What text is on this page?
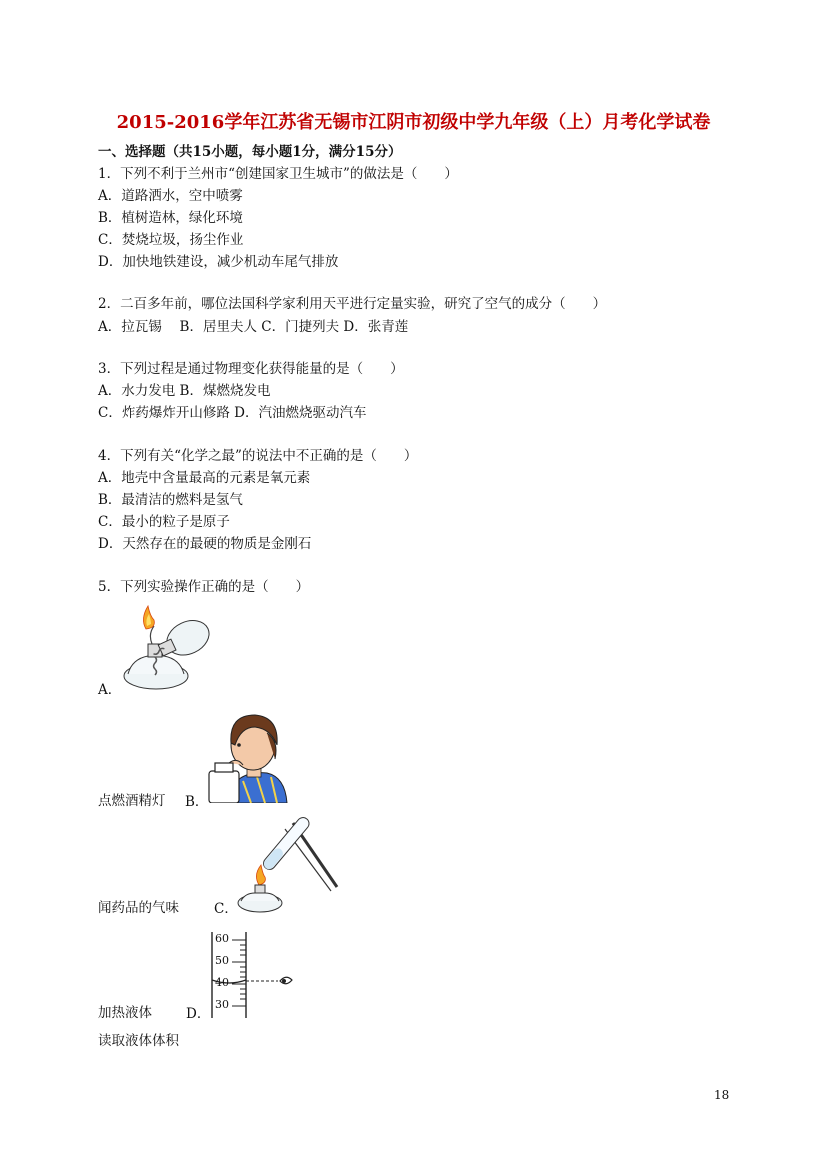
2015-2016学年江苏省无锡市江阴市初级中学九年级（上）月考化学试卷
一、选择题（共15小题，每小题1分，满分15分）
1．下列不利于兰州市“创建国家卫生城市”的做法是（　　）
A．道路洒水，空中喷雾
B．植树造林，绿化环境
C．焚烧垃圾，扬尘作业
D．加快地铁建设，减少机动车尾气排放
2．二百多年前，哪位法国科学家利用天平进行定量实验，研究了空气的成分（　　）
A．拉瓦锡　 B．居里夫人 C．门捷列夫 D．张青莲
3．下列过程是通过物理变化获得能量的是（　　）
A．水力发电 B．煤燃烧发电
C．炸药爆炸开山修路 D．汽油燃烧驱动汽车
4．下列有关“化学之最”的说法中不正确的是（　　）
A．地壳中含量最高的元素是氧元素
B．最清洁的燃料是氢气
C．最小的粒子是原子
D．天然存在的最硬的物质是金刚石
5．下列实验操作正确的是（　　）
A．
点燃酒精灯 B．
闻药品的气味	C．
60
50
40
30
加热液体	D．
读取液体体积
18
